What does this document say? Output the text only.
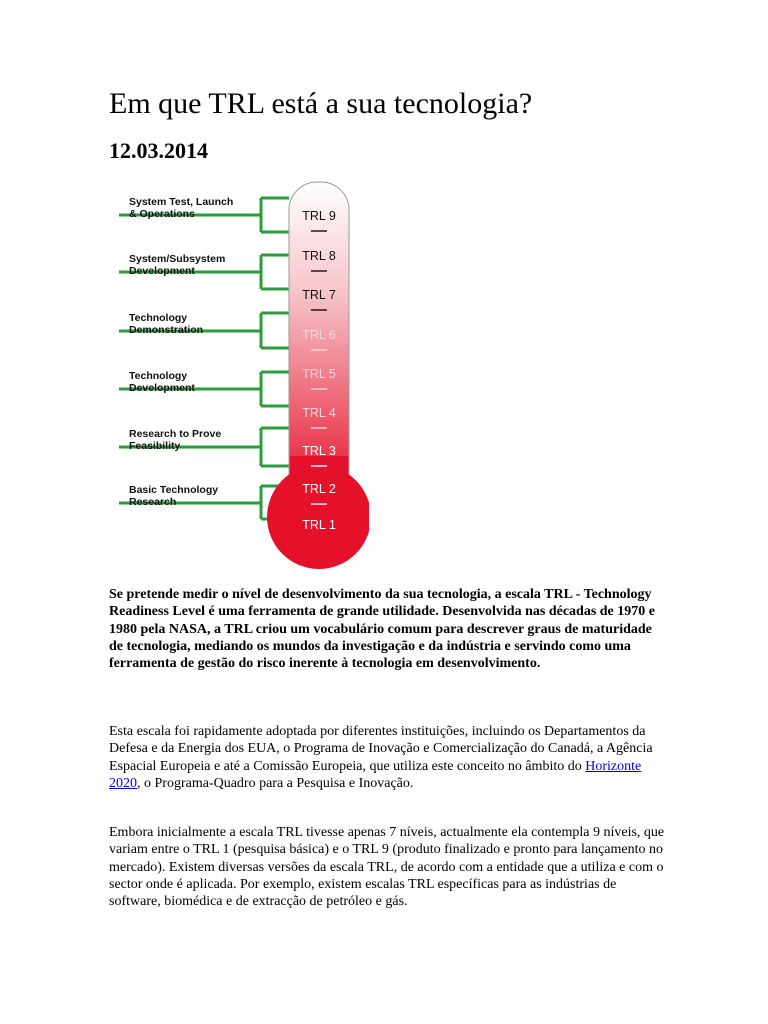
Em que TRL está a sua tecnologia?
12.03.2014
System Test, Launch & Operations
System/Subsystem Development
Technology Demonstration
Technology Development
Research to Prove Feasibility
Basic Technology Research
TRL 1
TRL 2
TRL 3
TRL 4
TRL 5
TRL 6
TRL 7
TRL 8
TRL 9

Se pretende medir o nível de desenvolvimento da sua tecnologia, a escala TRL - Technology Readiness Level é uma ferramenta de grande utilidade. Desenvolvida nas décadas de 1970 e 1980 pela NASA, a TRL criou um vocabulário comum para descrever graus de maturidade de tecnologia, mediando os mundos da investigação e da indústria e servindo como uma ferramenta de gestão do risco inerente à tecnologia em desenvolvimento.

Esta escala foi rapidamente adoptada por diferentes instituições, incluindo os Departamentos da Defesa e da Energia dos EUA, o Programa de Inovação e Comercialização do Canadá, a Agência Espacial Europeia e até a Comissão Europeia, que utiliza este conceito no âmbito do Horizonte 2020, o Programa-Quadro para a Pesquisa e Inovação.

Embora inicialmente a escala TRL tivesse apenas 7 níveis, actualmente ela contempla 9 níveis, que variam entre o TRL 1 (pesquisa básica) e o TRL 9 (produto finalizado e pronto para lançamento no mercado). Existem diversas versões da escala TRL, de acordo com a entidade que a utiliza e com o sector onde é aplicada. Por exemplo, existem escalas TRL específicas para as indústrias de software, biomédica e de extracção de petróleo e gás.
